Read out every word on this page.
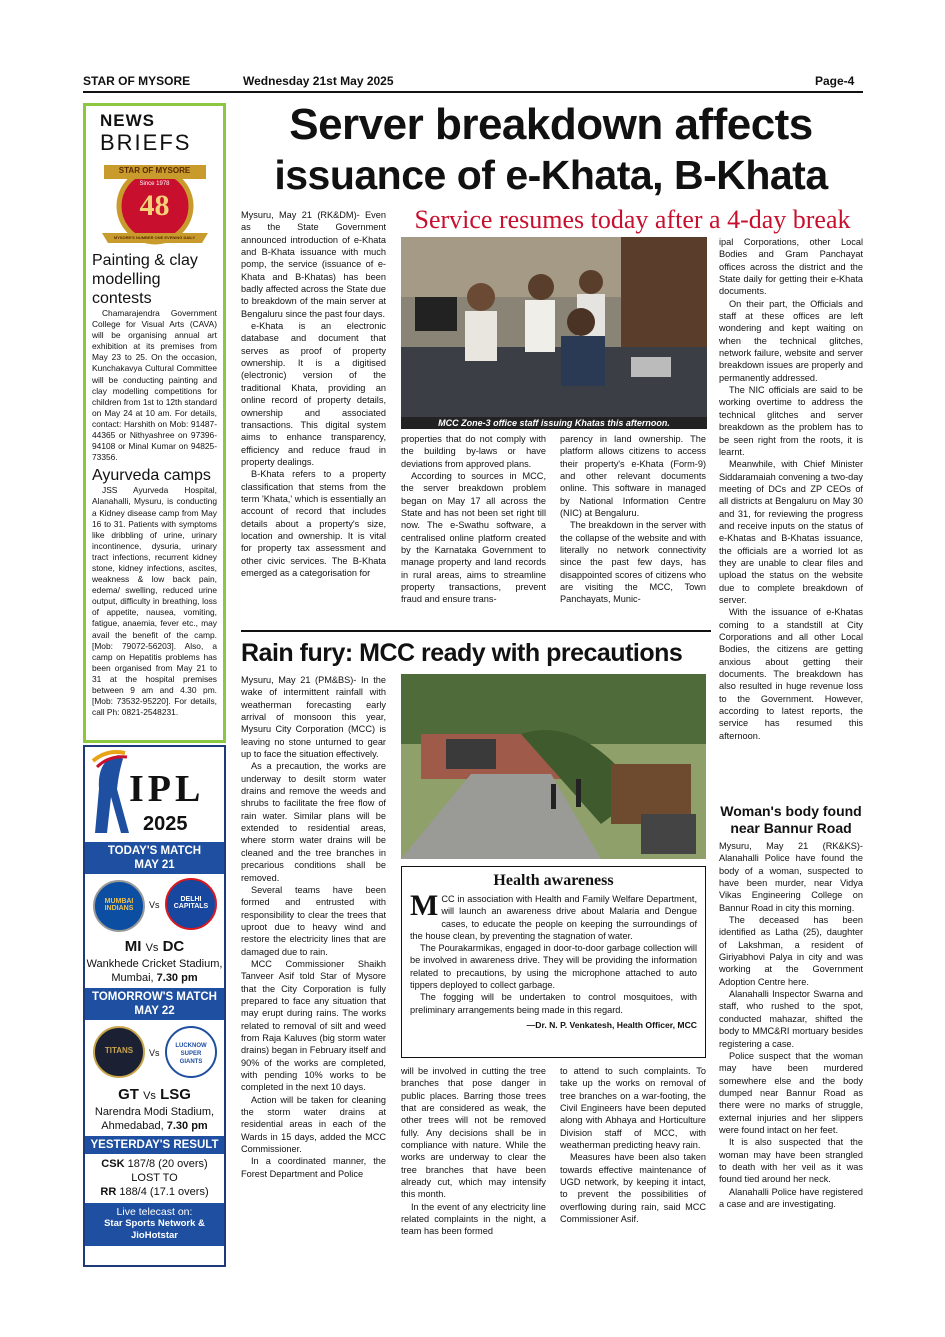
STAR OF MYSORE	Wednesday 21st May 2025	Page-4
NEWS
BRIEFS
STAR OF MYSORE
Since 1978
48
MYSORE'S NUMBER ONE EVENING DAILY
Painting & clay modelling contests
Chamarajendra Government College for Visual Arts (CAVA) will be organising annual art exhibition at its premises from May 23 to 25. On the occasion, Kunchakavya Cultural Committee will be conducting painting and clay modelling competitions for children from 1st to 12th standard on May 24 at 10 am. For details, contact: Harshith on Mob: 91487-44365 or Nithyashree on 97396-94108 or Minal Kumar on 94825-73356.
Ayurveda camps
JSS Ayurveda Hospital, Alanahalli, Mysuru, is conducting a Kidney disease camp from May 16 to 31. Patients with symptoms like dribbling of urine, urinary incontinence, dysuria, urinary tract infections, recurrent kidney stone, kidney infections, ascites, weakness & low back pain, edema/ swelling, reduced urine output, difficulty in breathing, loss of appetite, nausea, vomiting, fatigue, anaemia, fever etc., may avail the benefit of the camp. [Mob: 79072-56203]. Also, a camp on Hepatitis problems has been organised from May 21 to 31 at the hospital premises between 9 am and 4.30 pm. [Mob: 73532-95220]. For details, call Ph: 0821-2548231.
IPL
2025
TODAY'S MATCH
MAY 21
MUMBAI INDIANS	Vs
DELHI CAPITALS
MI Vs DC
Wankhede Cricket Stadium,
Mumbai, 7.30 pm
TOMORROW'S MATCH
MAY 22
TITANS	Vs
LUCKNOW SUPER GIANTS
GT Vs LSG
Narendra Modi Stadium,
Ahmedabad, 7.30 pm
YESTERDAY'S RESULT
CSK 187/8 (20 overs)
LOST TO
RR 188/4 (17.1 overs)
Live telecast on:
Star Sports Network & JioHotstar
Server breakdown affects
issuance of e-Khata, B-Khata
Service resumes today after a 4-day break

Mysuru, May 21 (RK&DM)- Even as the State Government announced introduction of e-Khata and B-Khata issuance with much pomp, the service (issuance of e-Khata and B-Khatas) has been badly affected across the State due to breakdown of the main server at Bengaluru since the past four days.

e-Khata is an electronic database and document that serves as proof of property ownership. It is a digitised (electronic) version of the traditional Khata, providing an online record of property details, ownership and associated transactions. This digital system aims to enhance transparency, efficiency and reduce fraud in property dealings.

B-Khata refers to a property classification that stems from the term 'Khata,' which is essentially an account of record that includes details about a property's size, location and ownership. It is vital for property tax assessment and other civic services. The B-Khata emerged as a categorisation for

MCC Zone-3 office staff issuing Khatas this afternoon.

properties that do not comply with the building by-laws or have deviations from approved plans.

According to sources in MCC, the server breakdown problem began on May 17 all across the State and has not been set right till now. The e-Swathu software, a centralised online platform created by the Karnataka Government to manage property and land records in rural areas, aims to streamline property transactions, prevent fraud and ensure trans-

parency in land ownership. The platform allows citizens to access their property's e-Khata (Form-9) and other relevant documents online. This software in managed by National Information Centre (NIC) at Bengaluru.

The breakdown in the server with the collapse of the website and with literally no network connectivity since the past few days, has disappointed scores of citizens who are visiting the MCC, Town Panchayats, Munic-

ipal Corporations, other Local Bodies and Gram Panchayat offices across the district and the State daily for getting their e-Khata documents.

On their part, the Officials and staff at these offices are left wondering and kept waiting on when the technical glitches, network failure, website and server breakdown issues are properly and permanently addressed.

The NIC officials are said to be working overtime to address the technical glitches and server breakdown as the problem has to be seen right from the roots, it is learnt.

Meanwhile, with Chief Minister Siddaramaiah convening a two-day meeting of DCs and ZP CEOs of all districts at Bengaluru on May 30 and 31, for reviewing the progress and receive inputs on the status of e-Khatas and B-Khatas issuance, the officials are a worried lot as they are unable to clear files and upload the status on the website due to complete breakdown of server.

With the issuance of e-Khatas coming to a standstill at City Corporations and all other Local Bodies, the citizens are getting anxious about getting their documents. The breakdown has also resulted in huge revenue loss to the Government. However, according to latest reports, the service has resumed this afternoon.

Woman's body found near Bannur Road

Mysuru, May 21 (RK&KS)- Alanahalli Police have found the body of a woman, suspected to have been murder, near Vidya Vikas Engineering College on Bannur Road in city this morning.

The deceased has been identified as Latha (25), daughter of Lakshman, a resident of Giriyabhovi Palya in city and was working at the Government Adoption Centre here.

Alanahalli Inspector Swarna and staff, who rushed to the spot, conducted mahazar, shifted the body to MMC&RI mortuary besides registering a case.

Police suspect that the woman may have been murdered somewhere else and the body dumped near Bannur Road as there were no marks of struggle, external injuries and her slippers were found intact on her feet.

It is also suspected that the woman may have been strangled to death with her veil as it was found tied around her neck.

Alanahalli Police have registered a case and are investigating.

Rain fury: MCC ready with precautions

Mysuru, May 21 (PM&BS)- In the wake of intermittent rainfall with weatherman forecasting early arrival of monsoon this year, Mysuru City Corporation (MCC) is leaving no stone unturned to gear up to face the situation effectively.

As a precaution, the works are underway to desilt storm water drains and remove the weeds and shrubs to facilitate the free flow of rain water. Similar plans will be extended to residential areas, where storm water drains will be cleaned and the tree branches in precarious conditions shall be removed.

Several teams have been formed and entrusted with responsibility to clear the trees that uproot due to heavy wind and restore the electricity lines that are damaged due to rain.

MCC Commissioner Shaikh Tanveer Asif told Star of Mysore that the City Corporation is fully prepared to face any situation that may erupt during rains. The works related to removal of silt and weed from Raja Kaluves (big storm water drains) began in February itself and 90% of the works are completed, with pending 10% works to be completed in the next 10 days.

Action will be taken for cleaning the storm water drains at residential areas in each of the Wards in 15 days, added the MCC Commissioner.

In a coordinated manner, the Forest Department and Police

Health awareness
M CC in association with Health and Family Welfare Department, will launch an awareness drive about Malaria and Dengue cases, to educate the people on keeping the surroundings of the house clean, by preventing the stagnation of water.

The Pourakarmikas, engaged in door-to-door garbage collection will be involved in awareness drive. They will be providing the information related to precautions, by using the microphone attached to auto tippers deployed to collect garbage.

The fogging will be undertaken to control mosquitoes, with preliminary arrangements being made in this regard.

—Dr. N. P. Venkatesh, Health Officer, MCC

will be involved in cutting the tree branches that pose danger in public places. Barring those trees that are considered as weak, the other trees will not be removed fully. Any decisions shall be in compliance with nature. While the works are underway to clear the tree branches that have been already cut, which may intensify this month.

In the event of any electricity line related complaints in the night, a team has been formed

to attend to such complaints. To take up the works on removal of tree branches on a war-footing, the Civil Engineers have been deputed along with Abhaya and Horticulture Division staff of MCC, with weatherman predicting heavy rain.

Measures have been also taken towards effective maintenance of UGD network, by keeping it intact, to prevent the possibilities of overflowing during rain, said MCC Commissioner Asif.
